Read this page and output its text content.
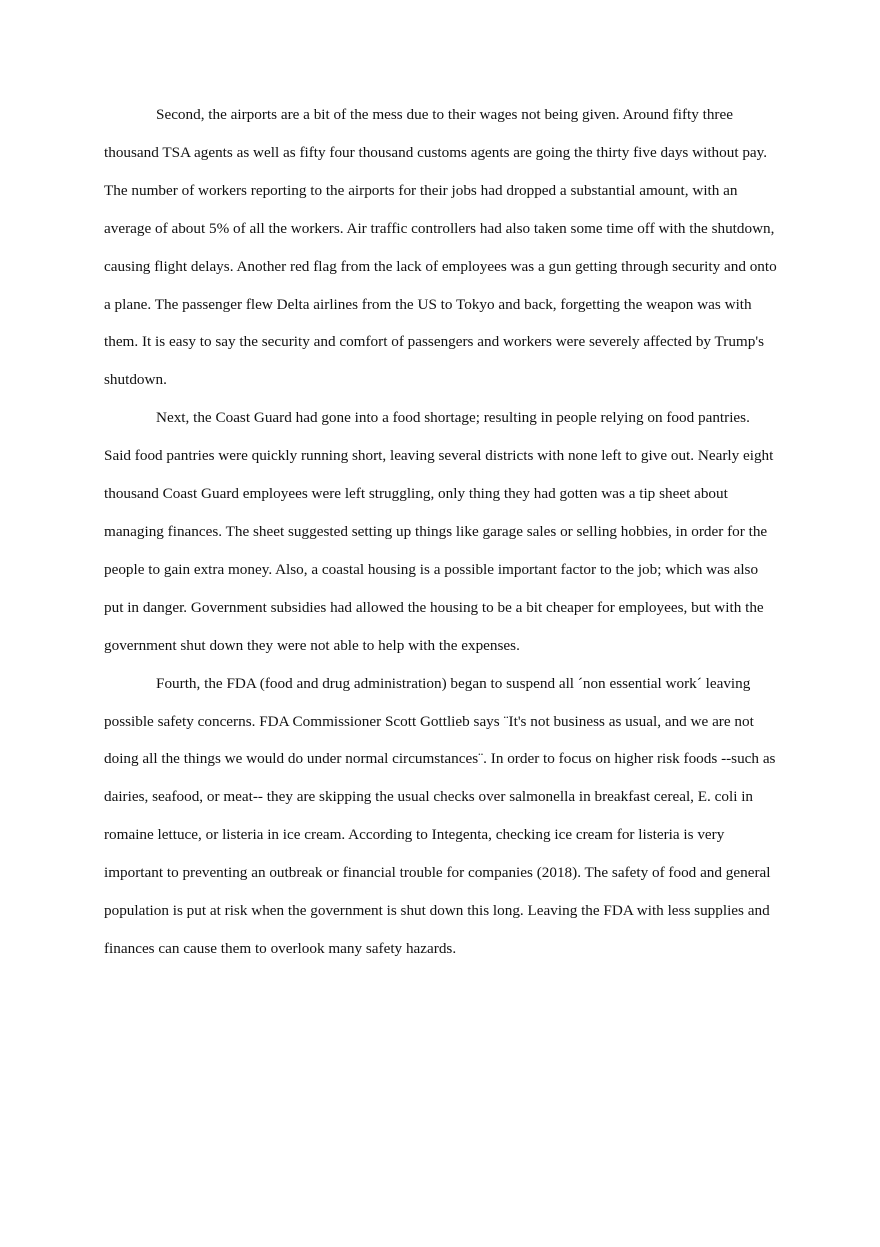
Second, the airports are a bit of the mess due to their wages not being given. Around fifty three thousand TSA agents as well as fifty four thousand customs agents are going the thirty five days without pay. The number of workers reporting to the airports for their jobs had dropped a substantial amount, with an average of about 5% of all the workers. Air traffic controllers had also taken some time off with the shutdown, causing flight delays. Another red flag from the lack of employees was a gun getting through security and onto a plane. The passenger flew Delta airlines from the US to Tokyo and back, forgetting the weapon was with them. It is easy to say the security and comfort of passengers and workers were severely affected by Trump's shutdown.

Next, the Coast Guard had gone into a food shortage; resulting in people relying on food pantries. Said food pantries were quickly running short, leaving several districts with none left to give out. Nearly eight thousand Coast Guard employees were left struggling, only thing they had gotten was a tip sheet about managing finances. The sheet suggested setting up things like garage sales or selling hobbies, in order for the people to gain extra money. Also, a coastal housing is a possible important factor to the job; which was also put in danger. Government subsidies had allowed the housing to be a bit cheaper for employees, but with the government shut down they were not able to help with the expenses.

Fourth, the FDA (food and drug administration) began to suspend all ´non essential work´ leaving possible safety concerns. FDA Commissioner Scott Gottlieb says ¨It's not business as usual, and we are not doing all the things we would do under normal circumstances¨. In order to focus on higher risk foods --such as dairies, seafood, or meat-- they are skipping the usual checks over salmonella in breakfast cereal, E. coli in romaine lettuce, or listeria in ice cream. According to Integenta, checking ice cream for listeria is very important to preventing an outbreak or financial trouble for companies (2018). The safety of food and general population is put at risk when the government is shut down this long. Leaving the FDA with less supplies and finances can cause them to overlook many safety hazards.
